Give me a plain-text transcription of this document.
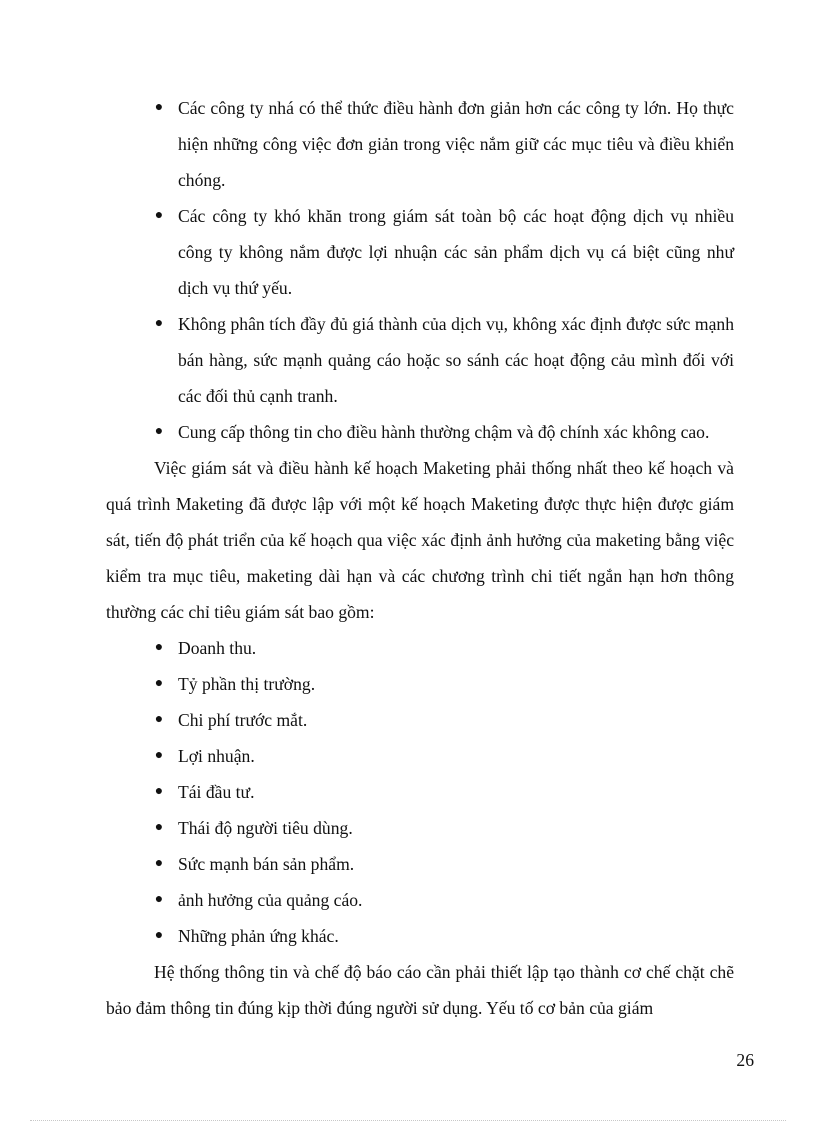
● Các công ty nhá có thể thức điều hành đơn giản hơn các công ty lớn. Họ thực hiện những công việc đơn giản trong việc nắm giữ các mục tiêu và điều khiển chóng.
● Các công ty khó khăn trong giám sát toàn bộ các hoạt động dịch vụ nhiều công ty không nắm được lợi nhuận các sản phẩm dịch vụ cá biệt cũng như dịch vụ thứ yếu.
● Không phân tích đầy đủ giá thành của dịch vụ, không xác định được sức mạnh bán hàng, sức mạnh quảng cáo hoặc so sánh các hoạt động cảu mình đối với các đối thủ cạnh tranh.
● Cung cấp thông tin cho điều hành thường chậm và độ chính xác không cao.

Việc giám sát và điều hành kế hoạch Maketing phải thống nhất theo kế hoạch và quá trình Maketing đã được lập với một kế hoạch Maketing được thực hiện được giám sát, tiến độ phát triển của kế hoạch qua việc xác định ảnh hưởng của maketing bằng việc kiểm tra mục tiêu, maketing dài hạn và các chương trình chi tiết ngắn hạn hơn thông thường các chỉ tiêu giám sát bao gồm:

● Doanh thu.
● Tỷ phần thị trường.
● Chi phí trước mắt.
● Lợi nhuận.
● Tái đầu tư.
● Thái độ người tiêu dùng.
● Sức mạnh bán sản phẩm.
● ảnh hưởng của quảng cáo.
● Những phản ứng khác.

Hệ thống thông tin và chế độ báo cáo cần phải thiết lập tạo thành cơ chế chặt chẽ bảo đảm thông tin đúng kịp thời đúng người sử dụng. Yếu tố cơ bản của giám

26
